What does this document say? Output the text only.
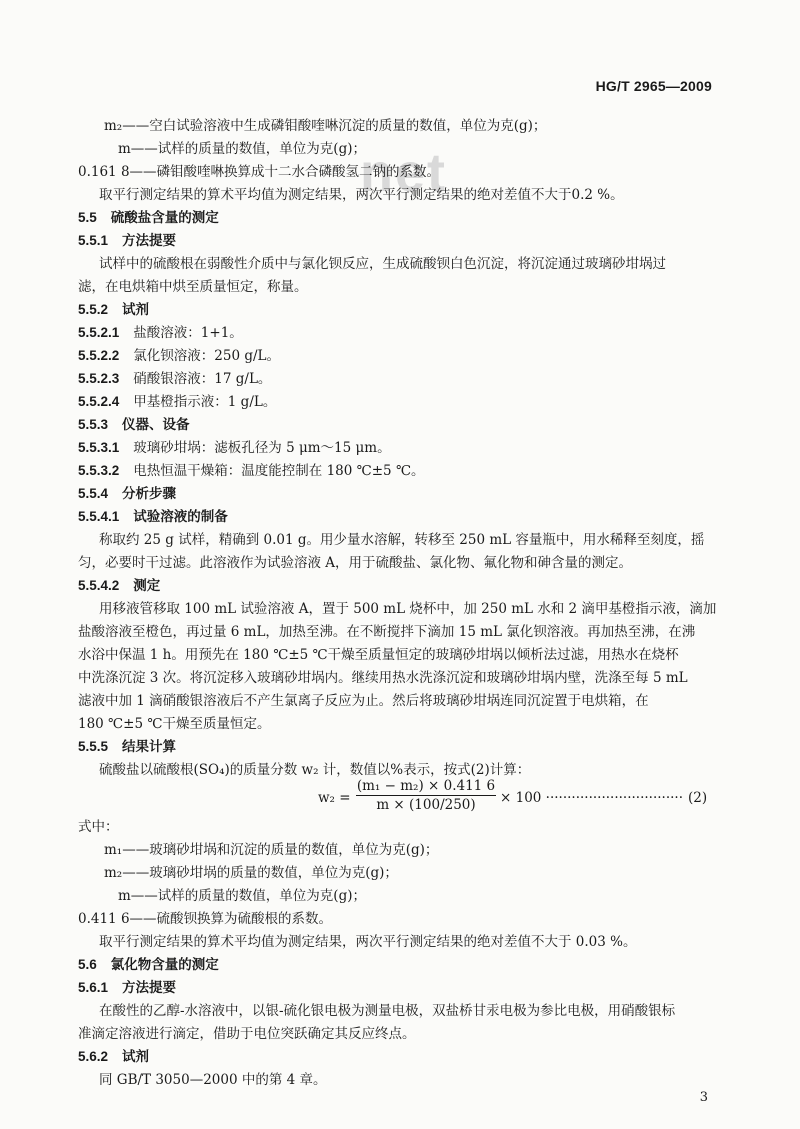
net
HG/T 2965—2009
m₂——空白试验溶液中生成磷钼酸喹啉沉淀的质量的数值，单位为克(g)；
m——试样的质量的数值，单位为克(g)；
0.161 8——磷钼酸喹啉换算成十二水合磷酸氢二钠的系数。
取平行测定结果的算术平均值为测定结果，两次平行测定结果的绝对差值不大于0.2 %。
5.5 硫酸盐含量的测定
5.5.1 方法提要
试样中的硫酸根在弱酸性介质中与氯化钡反应，生成硫酸钡白色沉淀，将沉淀通过玻璃砂坩埚过
滤，在电烘箱中烘至质量恒定，称量。
5.5.2 试剂
5.5.2.1 盐酸溶液：1+1。
5.5.2.2 氯化钡溶液：250 g/L。
5.5.2.3 硝酸银溶液：17 g/L。
5.5.2.4 甲基橙指示液：1 g/L。
5.5.3 仪器、设备
5.5.3.1 玻璃砂坩埚：滤板孔径为 5 μm～15 μm。
5.5.3.2 电热恒温干燥箱：温度能控制在 180 ℃±5 ℃。
5.5.4 分析步骤
5.5.4.1 试验溶液的制备
称取约 25 g 试样，精确到 0.01 g。用少量水溶解，转移至 250 mL 容量瓶中，用水稀释至刻度，摇
匀，必要时干过滤。此溶液作为试验溶液 A，用于硫酸盐、氯化物、氟化物和砷含量的测定。
5.5.4.2 测定
用移液管移取 100 mL 试验溶液 A，置于 500 mL 烧杯中，加 250 mL 水和 2 滴甲基橙指示液，滴加
盐酸溶液至橙色，再过量 6 mL，加热至沸。在不断搅拌下滴加 15 mL 氯化钡溶液。再加热至沸，在沸
水浴中保温 1 h。用预先在 180 ℃±5 ℃干燥至质量恒定的玻璃砂坩埚以倾析法过滤，用热水在烧杯
中洗涤沉淀 3 次。将沉淀移入玻璃砂坩埚内。继续用热水洗涤沉淀和玻璃砂坩埚内壁，洗涤至每 5 mL
滤液中加 1 滴硝酸银溶液后不产生氯离子反应为止。然后将玻璃砂坩埚连同沉淀置于电烘箱，在
180 ℃±5 ℃干燥至质量恒定。
5.5.5 结果计算
硫酸盐以硫酸根(SO₄)的质量分数 w₂ 计，数值以%表示，按式(2)计算：
w₂ =
(m₁ − m₂) × 0.411 6
m × (100/250)	× 100 ································ (2)
式中：
m₁——玻璃砂坩埚和沉淀的质量的数值，单位为克(g)；
m₂——玻璃砂坩埚的质量的数值，单位为克(g)；
m——试样的质量的数值，单位为克(g)；
0.411 6——硫酸钡换算为硫酸根的系数。
取平行测定结果的算术平均值为测定结果，两次平行测定结果的绝对差值不大于 0.03 %。
5.6 氯化物含量的测定
5.6.1 方法提要
在酸性的乙醇-水溶液中，以银-硫化银电极为测量电极，双盐桥甘汞电极为参比电极，用硝酸银标
准滴定溶液进行滴定，借助于电位突跃确定其反应终点。
5.6.2 试剂
同 GB/T 3050—2000 中的第 4 章。
3
